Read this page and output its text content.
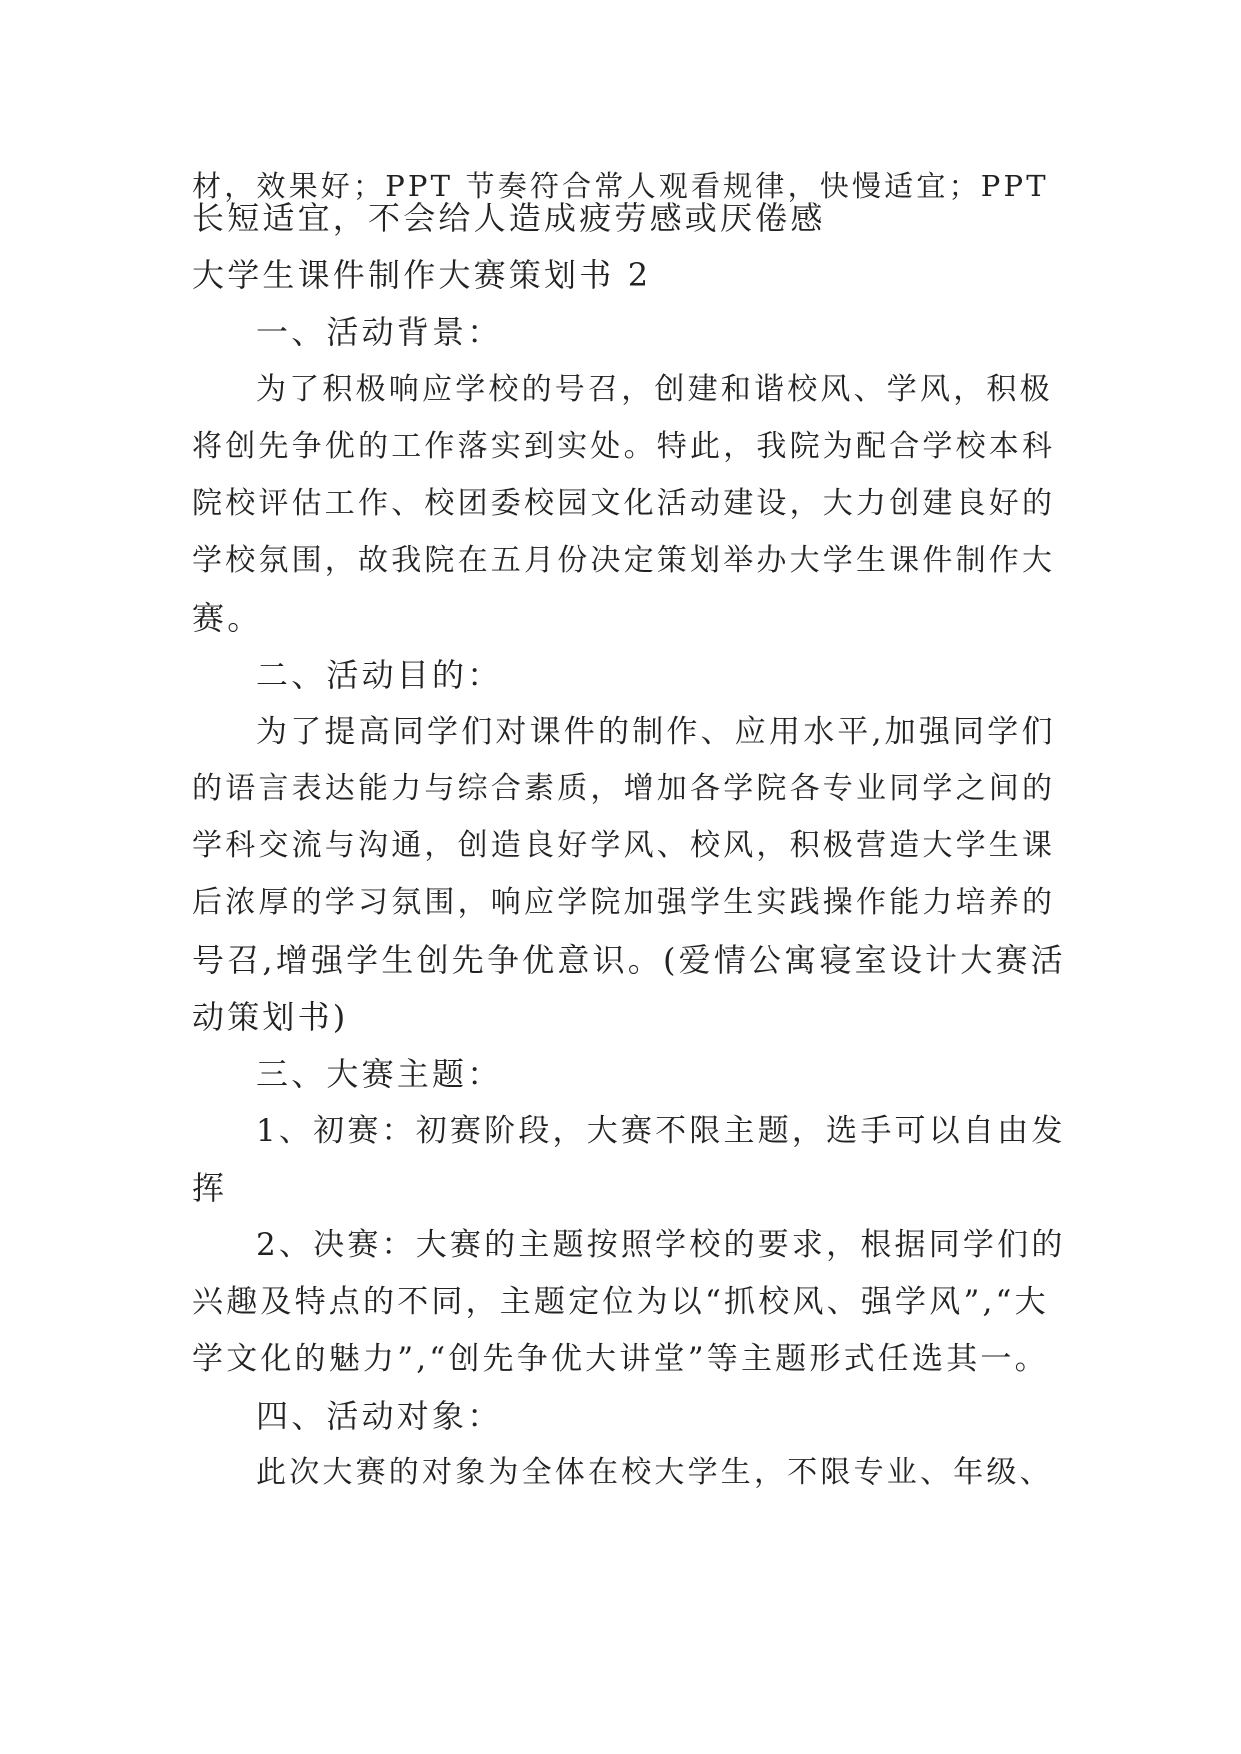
材，效果好；PPT 节奏符合常人观看规律，快慢适宜；PPT
长短适宜，不会给人造成疲劳感或厌倦感
大学生课件制作大赛策划书 2
一、活动背景：
为了积极响应学校的号召，创建和谐校风、学风，积极
将创先争优的工作落实到实处。特此，我院为配合学校本科
院校评估工作、校团委校园文化活动建设，大力创建良好的
学校氛围，故我院在五月份决定策划举办大学生课件制作大
赛。
二、活动目的：
为了提高同学们对课件的制作、应用水平,加强同学们
的语言表达能力与综合素质，增加各学院各专业同学之间的
学科交流与沟通，创造良好学风、校风，积极营造大学生课
后浓厚的学习氛围，响应学院加强学生实践操作能力培养的
号召,增强学生创先争优意识。(爱情公寓寝室设计大赛活
动策划书)
三、大赛主题：
1、初赛：初赛阶段，大赛不限主题，选手可以自由发
挥
2、决赛：大赛的主题按照学校的要求，根据同学们的
兴趣及特点的不同，主题定位为以“抓校风、强学风”,“大
学文化的魅力”,“创先争优大讲堂”等主题形式任选其一。
四、活动对象：
此次大赛的对象为全体在校大学生，不限专业、年级、
